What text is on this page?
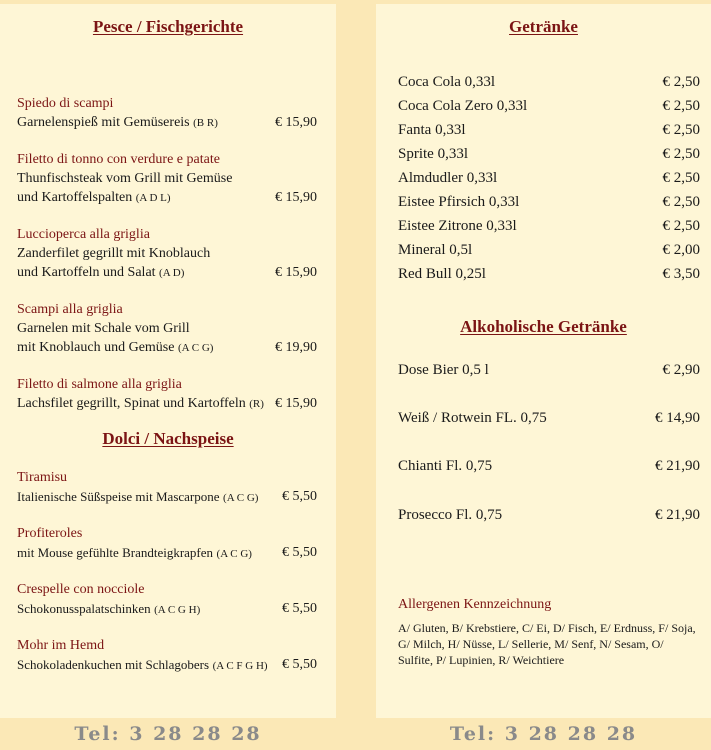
Pesce / Fischgerichte
Spiedo di scampi
Garnelenspieß mit Gemüsereis (B R)	€ 15,90
Filetto di tonno con verdure e patate
Thunfischsteak vom Grill mit Gemüse
und Kartoffelspalten (A D L)	€ 15,90
Luccioperca alla griglia
Zanderfilet gegrillt mit Knoblauch
und Kartoffeln und Salat (A D)	€ 15,90
Scampi alla griglia
Garnelen mit Schale vom Grill
mit Knoblauch und Gemüse (A C G)	€ 19,90
Filetto di salmone alla griglia
Lachsfilet gegrillt, Spinat und Kartoffeln (R) € 15,90
Dolci / Nachspeise
Tiramisu
Italienische Süßspeise mit Mascarpone (A C G) € 5,50
Profiteroles
mit Mouse gefühlte Brandteigkrapfen (A C G) € 5,50
Crespelle con nocciole
Schokonusspalatschinken (A C G H)	€ 5,50
Mohr im Hemd
Schokoladenkuchen mit Schlagobers (A C F G H) € 5,50
Getränke
Coca Cola 0,33l	€ 2,50
Coca Cola Zero 0,33l	€ 2,50
Fanta 0,33l	€ 2,50
Sprite 0,33l	€ 2,50
Almdudler 0,33l	€ 2,50
Eistee Pfirsich 0,33l	€ 2,50
Eistee Zitrone 0,33l	€ 2,50
Mineral 0,5l	€ 2,00
Red Bull 0,25l	€ 3,50
Alkoholische Getränke
Dose Bier 0,5 l	€ 2,90
Weiß / Rotwein FL. 0,75	€ 14,90
Chianti Fl. 0,75	€ 21,90
Prosecco Fl. 0,75	€ 21,90
Allergenen Kennzeichnung
A/ Gluten, B/ Krebstiere, C/ Ei, D/ Fisch, E/ Erdnuss, F/ Soja, G/ Milch, H/ Nüsse, L/ Sellerie, M/ Senf, N/ Sesam, O/ Sulfite, P/ Lupinien, R/ Weichtiere
Tel: 3 28 28 28	Tel: 3 28 28 28
